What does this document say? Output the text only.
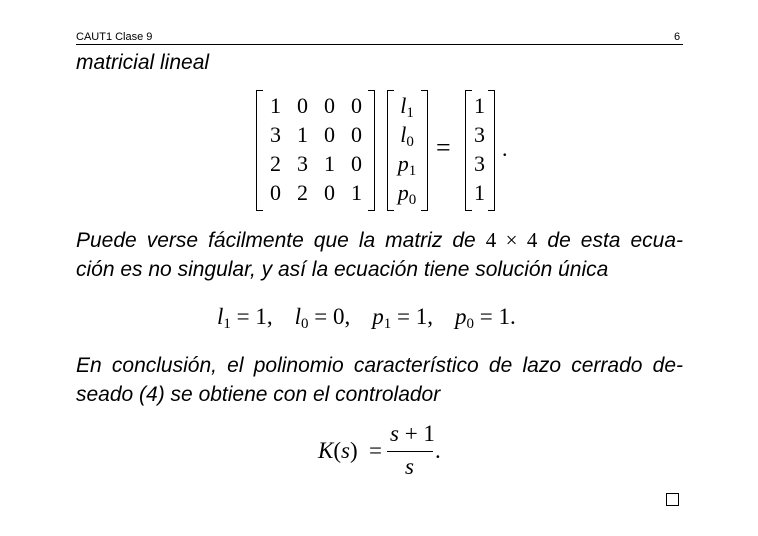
CAUT1 Clase 9	6
matricial lineal
1 0 0 0
3 1 0 0
2 3 1 0
0 2 0 1
$l_1$
$l_0$
$p_1$
$p_0$
=
1
3
3
1
.
Puede verse fácilmente que la matriz de 4 × 4 de esta ecua-
ción es no singular, y así la ecuación tiene solución única
$l_1 = 1$, $l_0 = 0$, $p_1 = 1$, $p_0 = 1$.
En conclusión, el polinomio característico de lazo cerrado de-
seado (4) se obtiene con el controlador
K(s) =
s + 1
s
.
